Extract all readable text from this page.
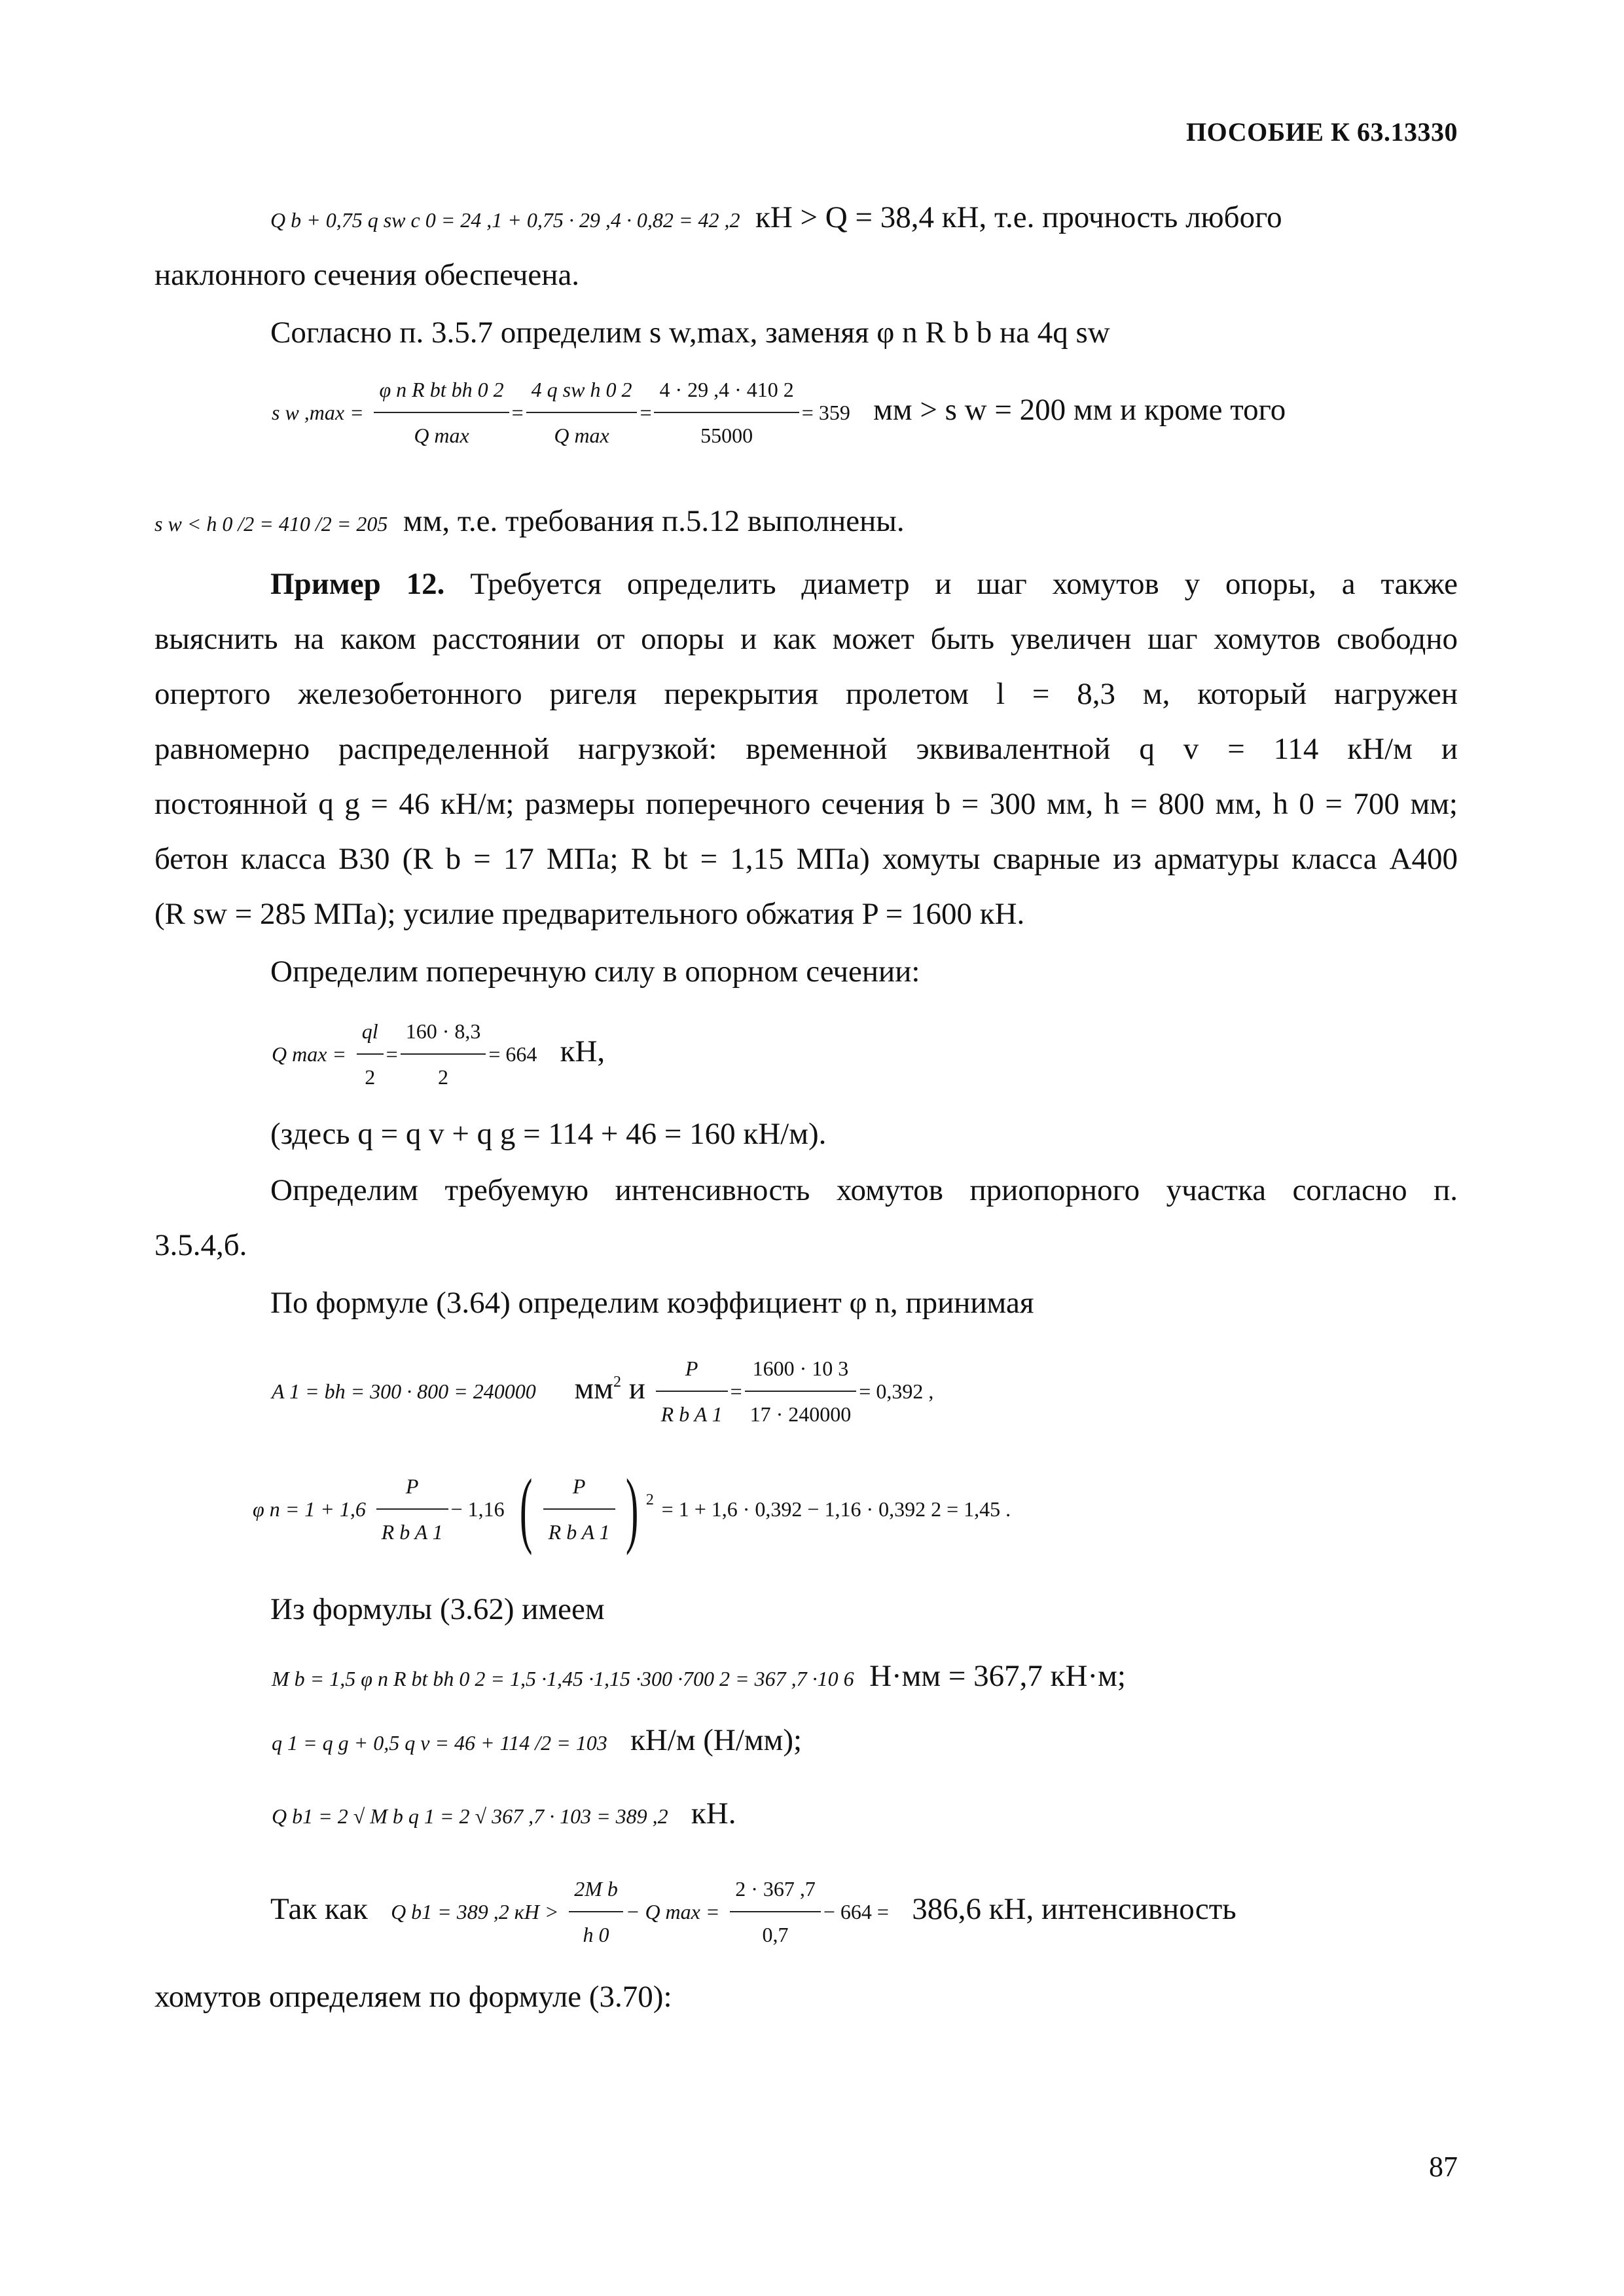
ПОСОБИЕ К 63.13330
Q b + 0,75 q sw c 0 = 24 ,1 + 0,75 · 29 ,4 · 0,82 = 42 ,2 кН > Q = 38,4 кН, т.е. прочность любого
наклонного сечения обеспечена.
Согласно п. 3.5.7 определим s w,max, заменяя φ n R b b на 4q sw
s w $,\max = \frac{\text{φ n R bt bh 0 2}}{\text{Q max}} = \frac{\text{4 q sw h 0 2}}{\text{Q max}} = \frac{4 \cdot 29 ,4 \cdot 410 2}{55000} = 359$ мм > s w = 200 мм и кроме того
s w < h 0 /2 = 410 /2 = 205 мм, т.е. требования п.5.12 выполнены.
Пример 12. Требуется определить диаметр и шаг хомутов у опоры, а также
выяснить на каком расстоянии от опоры и как может быть увеличен шаг хомутов свободно
опертого железобетонного ригеля перекрытия пролетом l = 8,3 м, который нагружен
равномерно распределенной нагрузкой: временной эквивалентной q v = 114 кН/м и
постоянной q g = 46 кН/м; размеры поперечного сечения b = 300 мм, h = 800 мм, h 0 = 700 мм;
бетон класса В30 (R b = 17 МПа; R bt = 1,15 МПа) хомуты сварные из арматуры класса А400
(R sw = 285 МПа); усилие предварительного обжатия P = 1600 кН.
Определим поперечную силу в опорном сечении:
Q $\max = \frac{ql}{2} = \frac{160 \cdot 8,3}{2} = 664$ кН,
(здесь q = q v + q g = 114 + 46 = 160 кН/м).
Определим требуемую интенсивность хомутов приопорного участка согласно п.
3.5.4,б.
По формуле (3.64) определим коэффициент φ n, принимая
A 1 = bh = 300 · 800 = 240000 $мм^2$ и $\frac{P}{\text{R b A 1}} = \frac{1600 \cdot 10 3}{17 \cdot 240000} = 0,392$ ,
φ $n = 1 + 1,6 \frac{P}{\text{R b A 1}} - 1,16$ ( $\frac{P}{\text{R b A 1}}$ ) $^2$ = 1 + 1,6 · 0,392 − 1,16 · 0,392 2 = 1,45 .
Из формулы (3.62) имеем
M b = 1,5 φ n R bt bh 0 2 = 1,5 ·1,45 ·1,15 ·300 ·700 2 = 367 ,7 ·10 6 Н·мм = 367,7 кН·м;
q 1 = q g + 0,5 q v = 46 + 114 /2 = 103 кН/м (Н/мм);
Q b1 = 2 √ M b q 1 = 2 √ 367 ,7 · 103 = 389 ,2 кН.
Так как Q b1 = 389 ,2 кН > $\frac{\text{2M b}}{h 0} - Q$ $\max = \frac{2 \cdot 367 ,7}{0,7} - 664 = 386,6$ кН, интенсивность
хомутов определяем по формуле (3.70):
87
